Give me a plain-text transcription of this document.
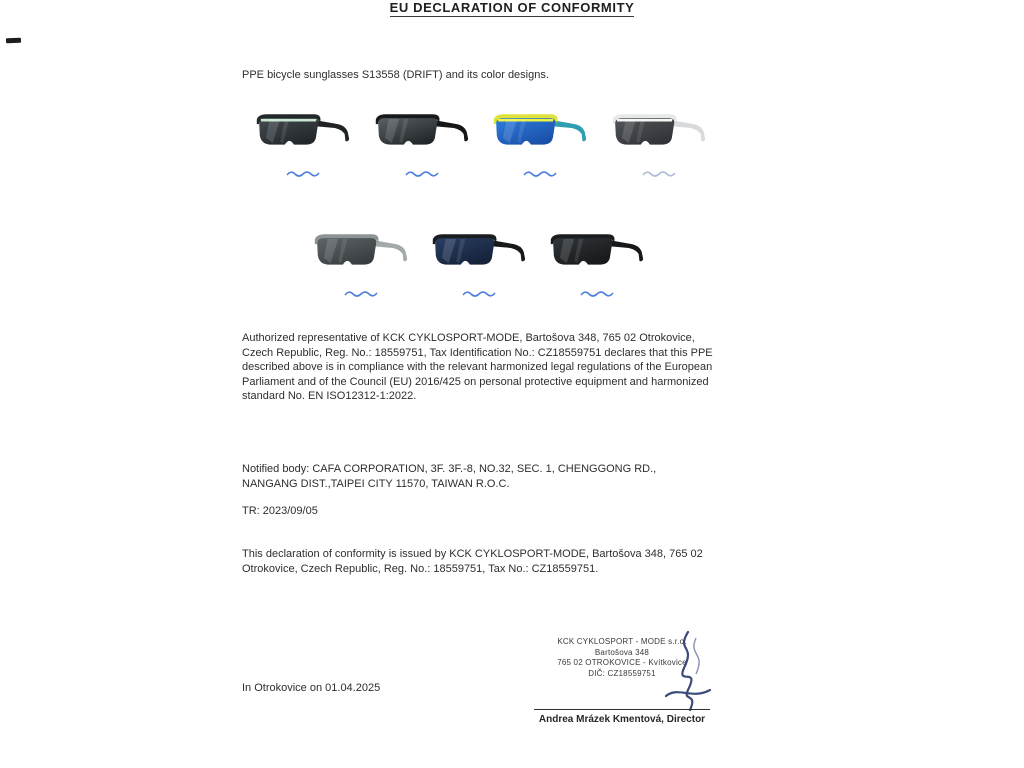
EU DECLARATION OF CONFORMITY
PPE bicycle sunglasses S13558 (DRIFT) and its color designs.
Authorized representative of KCK CYKLOSPORT-MODE, Bartošova 348, 765 02 Otrokovice, Czech Republic, Reg. No.: 18559751, Tax Identification No.: CZ18559751 declares that this PPE described above is in compliance with the relevant harmonized legal regulations of the European Parliament and of the Council (EU) 2016/425 on personal protective equipment and harmonized standard No. EN ISO12312-1:2022.
Notified body: CAFA CORPORATION, 3F. 3F.-8, NO.32, SEC. 1, CHENGGONG RD., NANGANG DIST.,TAIPEI CITY 11570, TAIWAN R.O.C.
TR: 2023/09/05
This declaration of conformity is issued by KCK CYKLOSPORT-MODE, Bartošova 348, 765 02 Otrokovice, Czech Republic, Reg. No.: 18559751, Tax No.: CZ18559751.
KCK CYKLOSPORT - MODE s.r.o.
Bartošova 348
765 02 OTROKOVICE - Kvítkovice
DIČ: CZ18559751
In Otrokovice on 01.04.2025
Andrea Mrázek Kmentová, Director
